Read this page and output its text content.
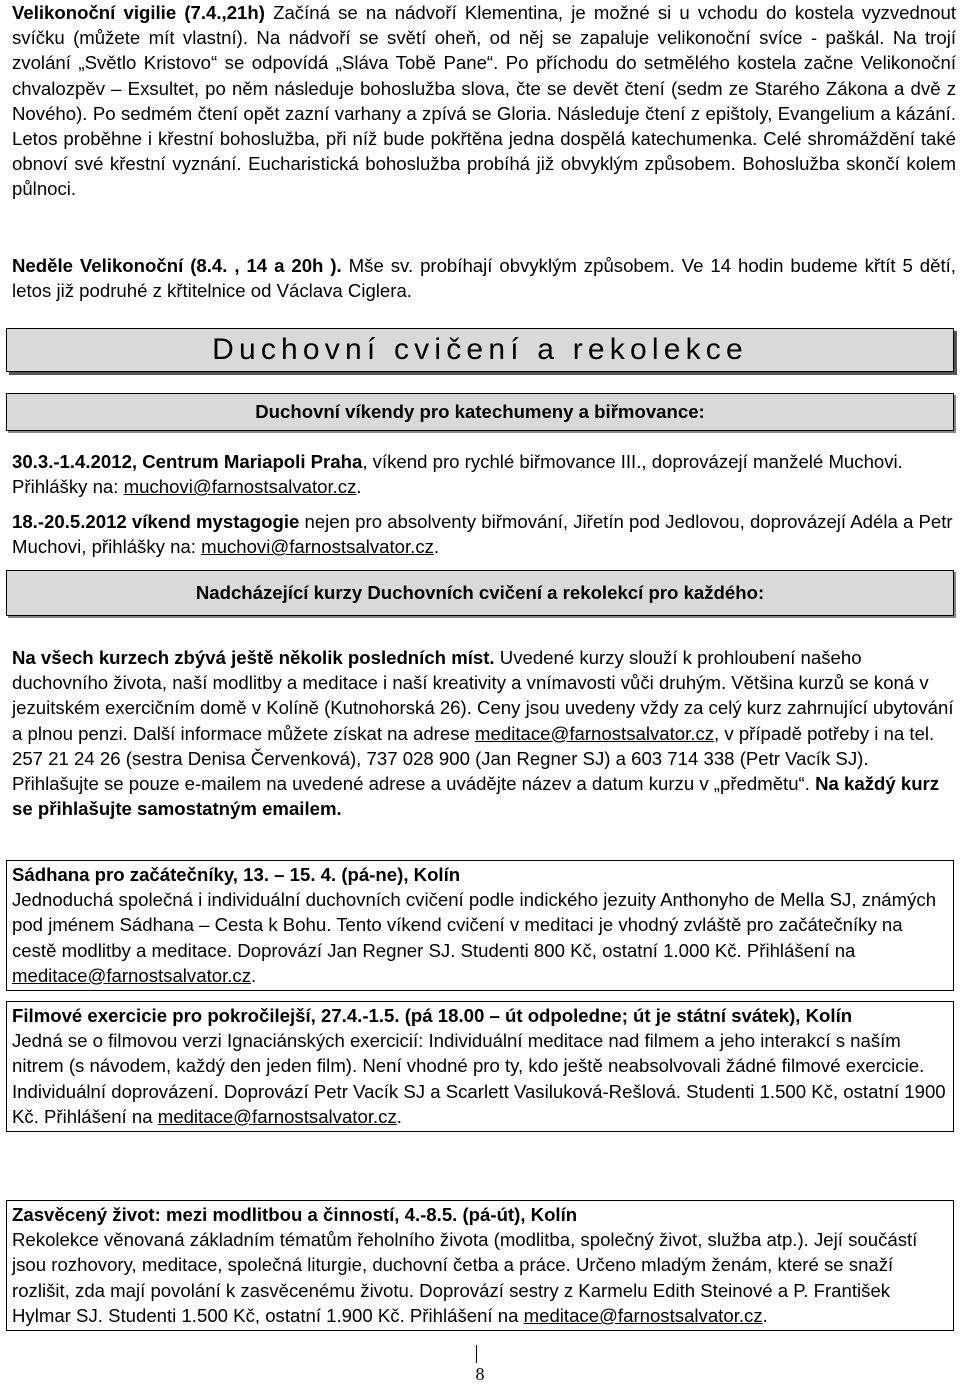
Velikonoční vigilie (7.4.,21h) Začíná se na nádvoří Klementina, je možné si u vchodu do kostela vyzvednout svíčku (můžete mít vlastní). Na nádvoří se světí oheň, od něj se zapaluje velikonoční svíce - paškál. Na trojí zvolání „Světlo Kristovo“ se odpovídá „Sláva Tobě Pane“. Po příchodu do setmělého kostela začne Velikonoční chvalozpěv – Exsultet, po něm následuje bohoslužba slova, čte se devět čtení (sedm ze Starého Zákona a dvě z Nového). Po sedmém čtení opět zazní varhany a zpívá se Gloria. Následuje čtení z epištoly, Evangelium a kázání. Letos proběhne i křestní bohoslužba, při níž bude pokřtěna jedna dospělá katechumenka. Celé shromáždění také obnoví své křestní vyznání. Eucharistická bohoslužba probíhá již obvyklým způsobem. Bohoslužba skončí kolem půlnoci.

Neděle Velikonoční (8.4. , 14 a 20h ). Mše sv. probíhají obvyklým způsobem. Ve 14 hodin budeme křtít 5 dětí, letos již podruhé z křtitelnice od Václava Ciglera.

Duchovní cvičení a rekolekce
Duchovní víkendy pro katechumeny a biřmovance:

30.3.-1.4.2012, Centrum Mariapoli Praha, víkend pro rychlé biřmovance III., doprovázejí manželé Muchovi. Přihlášky na: muchovi@farnostsalvator.cz.

18.-20.5.2012 víkend mystagogie nejen pro absolventy biřmování, Jiřetín pod Jedlovou, doprovázejí Adéla a Petr Muchovi, přihlášky na: muchovi@farnostsalvator.cz.

Nadcházející kurzy Duchovních cvičení a rekolekcí pro každého:

Na všech kurzech zbývá ještě několik posledních míst. Uvedené kurzy slouží k prohloubení našeho duchovního života, naší modlitby a meditace i naší kreativity a vnímavosti vůči druhým. Většina kurzů se koná v jezuitském exercičním domě v Kolíně (Kutnohorská 26). Ceny jsou uvedeny vždy za celý kurz zahrnující ubytování a plnou penzi. Další informace můžete získat na adrese meditace@farnostsalvator.cz, v případě potřeby i na tel. 257 21 24 26 (sestra Denisa Červenková), 737 028 900 (Jan Regner SJ) a 603 714 338 (Petr Vacík SJ). Přihlašujte se pouze e-mailem na uvedené adrese a uvádějte název a datum kurzu v „předmětu“. Na každý kurz se přihlašujte samostatným emailem.

Sádhana pro začátečníky, 13. – 15. 4. (pá-ne), Kolín

Jednoduchá společná i individuální duchovních cvičení podle indického jezuity Anthonyho de Mella SJ, známých pod jménem Sádhana – Cesta k Bohu. Tento víkend cvičení v meditaci je vhodný zvláště pro začátečníky na cestě modlitby a meditace. Doprovází Jan Regner SJ. Studenti 800 Kč, ostatní 1.000 Kč. Přihlášení na meditace@farnostsalvator.cz.

Filmové exercicie pro pokročilejší, 27.4.-1.5. (pá 18.00 – út odpoledne; út je státní svátek), Kolín

Jedná se o filmovou verzi Ignaciánských exercicií: Individuální meditace nad filmem a jeho interakcí s naším nitrem (s návodem, každý den jeden film). Není vhodné pro ty, kdo ještě neabsolvovali žádné filmové exercicie. Individuální doprovázení. Doprovází Petr Vacík SJ a Scarlett Vasiluková-Rešlová. Studenti 1.500 Kč, ostatní 1900 Kč. Přihlášení na meditace@farnostsalvator.cz.

Zasvěcený život: mezi modlitbou a činností, 4.-8.5. (pá-út), Kolín

Rekolekce věnovaná základním tématům řeholního života (modlitba, společný život, služba atp.). Její součástí jsou rozhovory, meditace, společná liturgie, duchovní četba a práce. Určeno mladým ženám, které se snaží rozlišit, zda mají povolání k zasvěcenému životu. Doprovází sestry z Karmelu Edith Steinové a P. František Hylmar SJ. Studenti 1.500 Kč, ostatní 1.900 Kč. Přihlášení na meditace@farnostsalvator.cz.

8
